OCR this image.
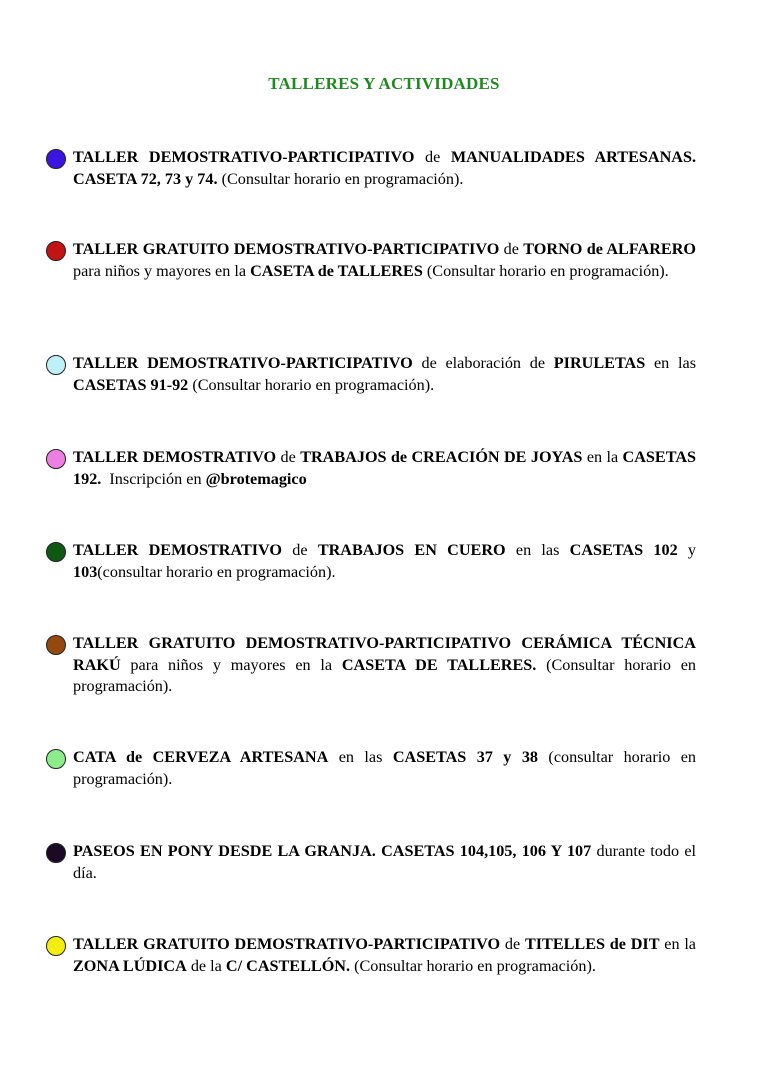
TALLERES Y ACTIVIDADES
TALLER DEMOSTRATIVO-PARTICIPATIVO de MANUALIDADES ARTESANAS. CASETA 72, 73 y 74. (Consultar horario en programación).
TALLER GRATUITO DEMOSTRATIVO-PARTICIPATIVO de TORNO de ALFARERO para niños y mayores en la CASETA de TALLERES (Consultar horario en programación).
TALLER DEMOSTRATIVO-PARTICIPATIVO de elaboración de PIRULETAS en las CASETAS 91-92 (Consultar horario en programación).
TALLER DEMOSTRATIVO de TRABAJOS de CREACIÓN DE JOYAS en la CASETAS 192.  Inscripción en @brotemagico
TALLER DEMOSTRATIVO de TRABAJOS EN CUERO en las CASETAS 102 y 103(consultar horario en programación).
TALLER GRATUITO DEMOSTRATIVO-PARTICIPATIVO CERÁMICA TÉCNICA RAKÚ para niños y mayores en la CASETA DE TALLERES. (Consultar horario en programación).
CATA de CERVEZA ARTESANA en las CASETAS 37 y 38 (consultar horario en programación).
PASEOS EN PONY DESDE LA GRANJA. CASETAS 104,105, 106 Y 107 durante todo el día.
TALLER GRATUITO DEMOSTRATIVO-PARTICIPATIVO de TITELLES de DIT en la ZONA LÚDICA de la C/ CASTELLÓN. (Consultar horario en programación).
